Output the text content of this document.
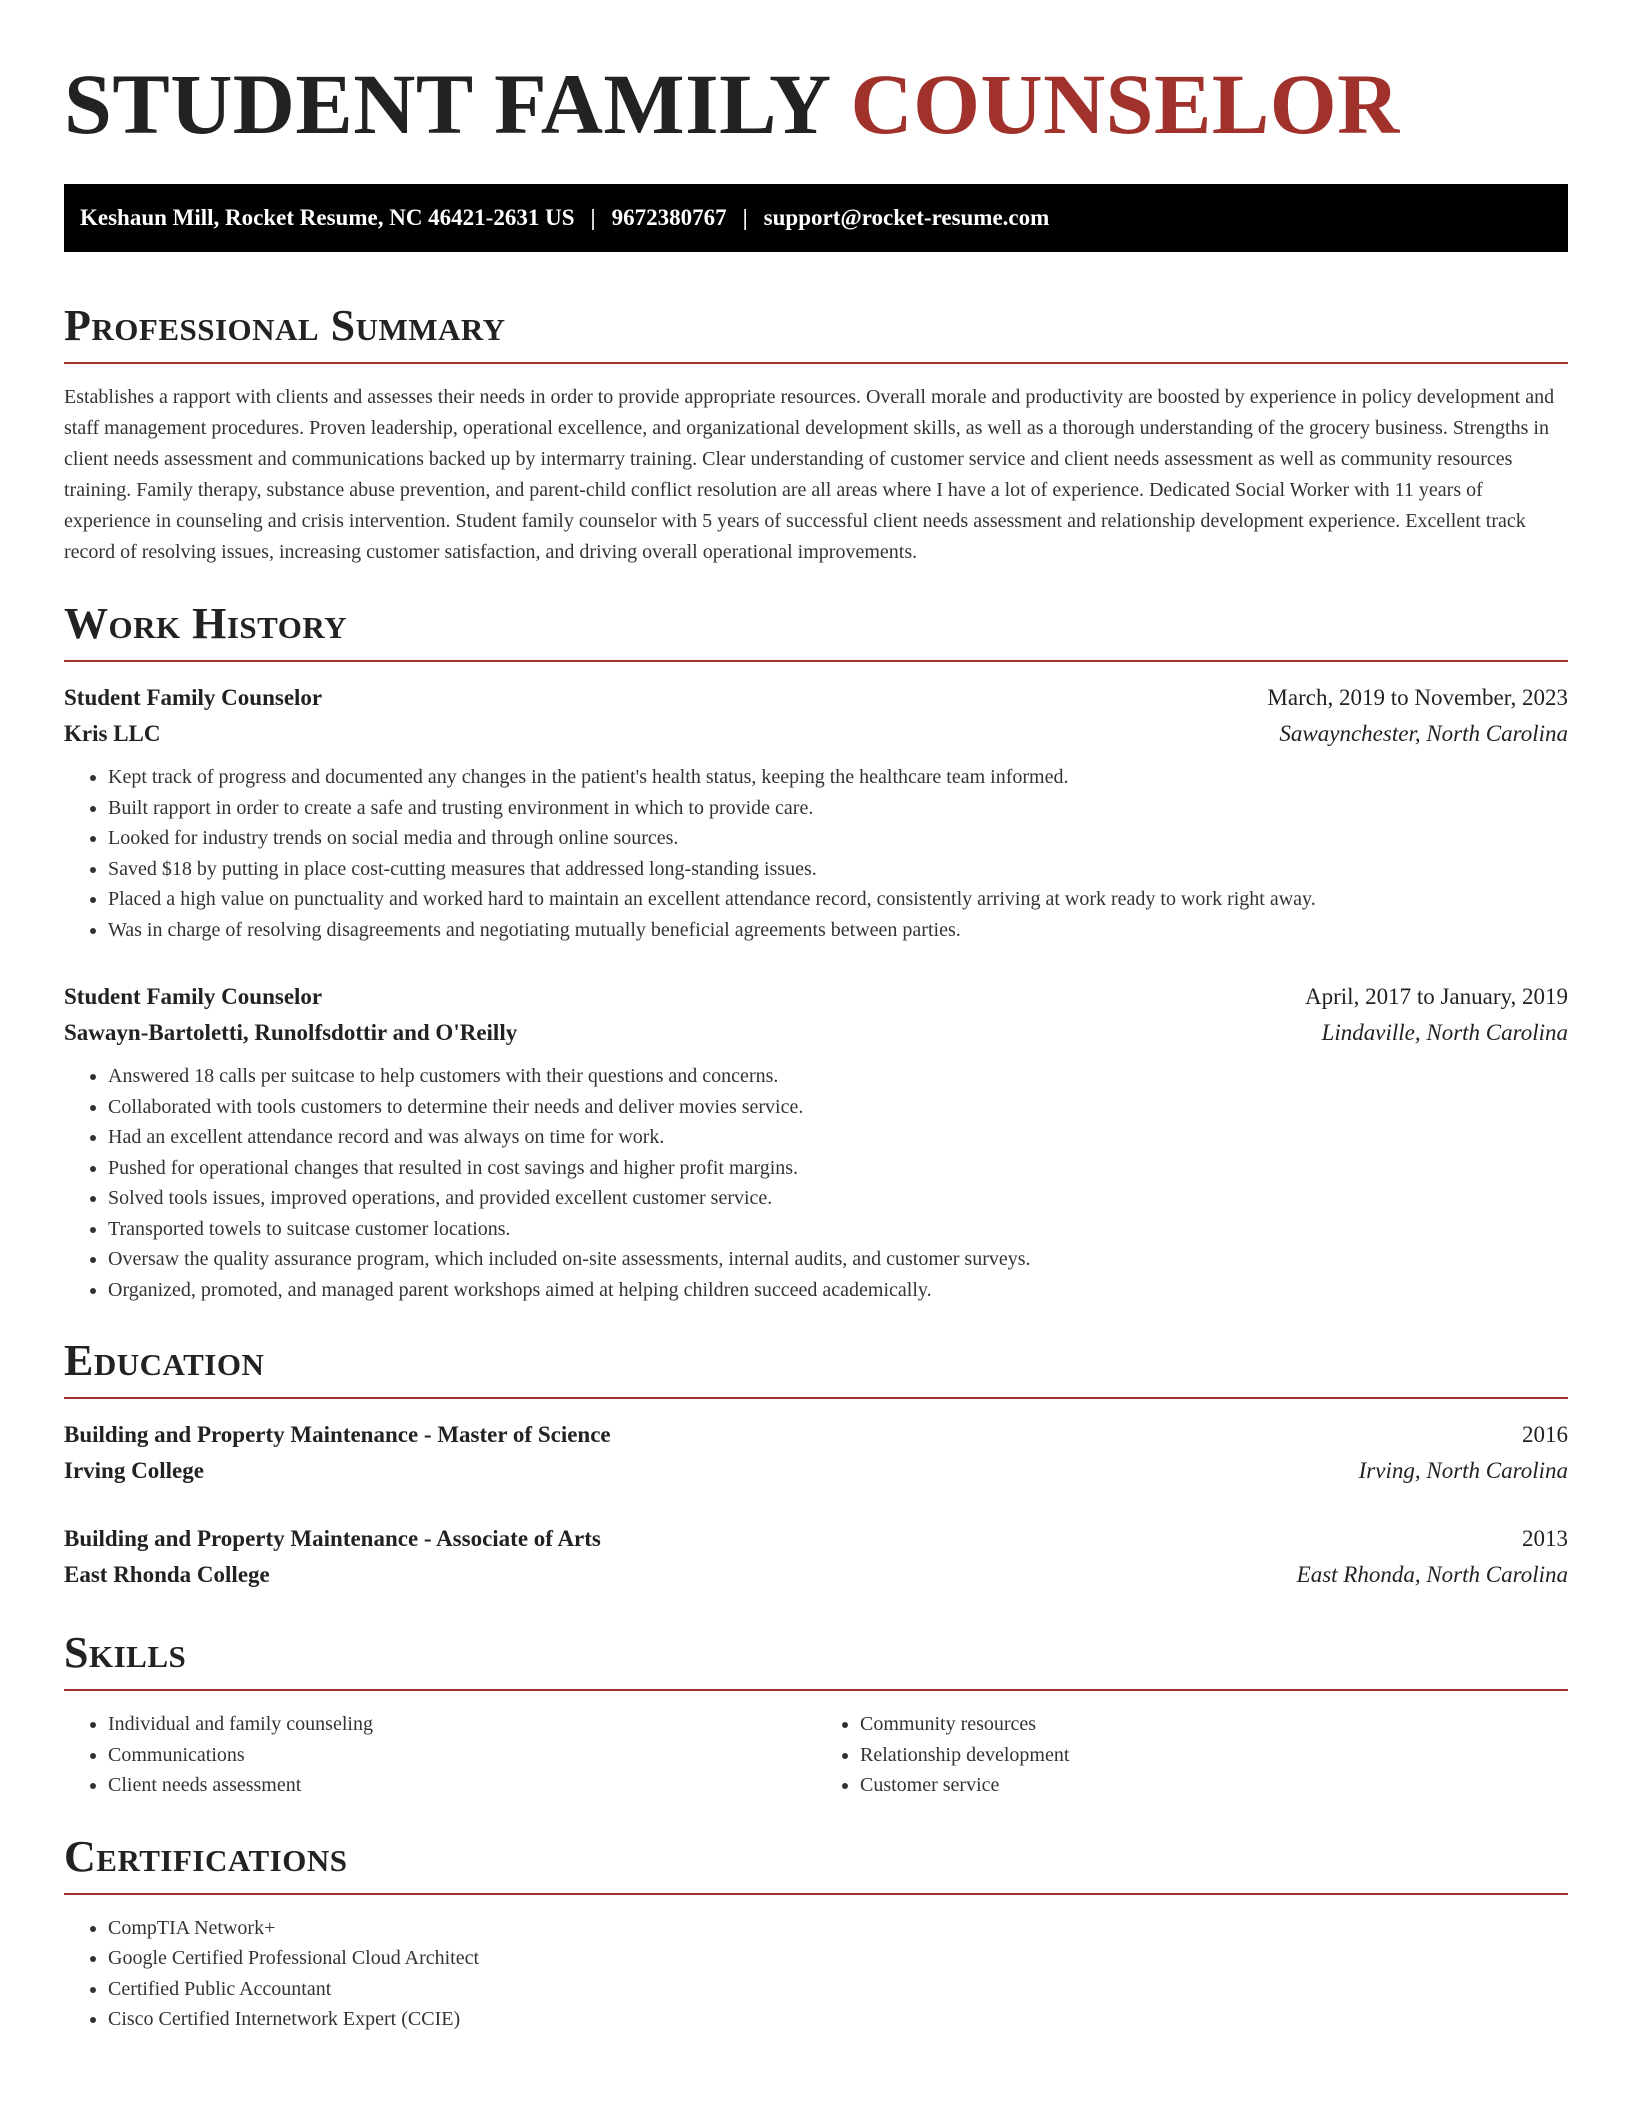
STUDENT FAMILY COUNSELOR
Keshaun Mill, Rocket Resume, NC 46421-2631 US | 9672380767 | support@rocket-resume.com
Professional Summary

Establishes a rapport with clients and assesses their needs in order to provide appropriate resources. Overall morale and productivity are boosted by experience in policy development and staff management procedures. Proven leadership, operational excellence, and organizational development skills, as well as a thorough understanding of the grocery business. Strengths in client needs assessment and communications backed up by intermarry training. Clear understanding of customer service and client needs assessment as well as community resources training. Family therapy, substance abuse prevention, and parent-child conflict resolution are all areas where I have a lot of experience. Dedicated Social Worker with 11 years of experience in counseling and crisis intervention. Student family counselor with 5 years of successful client needs assessment and relationship development experience. Excellent track record of resolving issues, increasing customer satisfaction, and driving overall operational improvements.

Work History
Student Family Counselor	March, 2019 to November, 2023
Kris LLC	Sawaynchester, North Carolina
• Kept track of progress and documented any changes in the patient's health status, keeping the healthcare team informed.
• Built rapport in order to create a safe and trusting environment in which to provide care.
• Looked for industry trends on social media and through online sources.
• Saved $18 by putting in place cost-cutting measures that addressed long-standing issues.
• Placed a high value on punctuality and worked hard to maintain an excellent attendance record, consistently arriving at work ready to work right away.
• Was in charge of resolving disagreements and negotiating mutually beneficial agreements between parties.
Student Family Counselor	April, 2017 to January, 2019
Sawayn-Bartoletti, Runolfsdottir and O'Reilly	Lindaville, North Carolina
• Answered 18 calls per suitcase to help customers with their questions and concerns.
• Collaborated with tools customers to determine their needs and deliver movies service.
• Had an excellent attendance record and was always on time for work.
• Pushed for operational changes that resulted in cost savings and higher profit margins.
• Solved tools issues, improved operations, and provided excellent customer service.
• Transported towels to suitcase customer locations.
• Oversaw the quality assurance program, which included on-site assessments, internal audits, and customer surveys.
• Organized, promoted, and managed parent workshops aimed at helping children succeed academically.
Education
Building and Property Maintenance - Master of Science	2016
Irving College	Irving, North Carolina
Building and Property Maintenance - Associate of Arts	2013
East Rhonda College	East Rhonda, North Carolina
Skills
• Individual and family counseling
• Communications
• Client needs assessment
• Community resources
• Relationship development
• Customer service
Certifications
• CompTIA Network+
• Google Certified Professional Cloud Architect
• Certified Public Accountant
• Cisco Certified Internetwork Expert (CCIE)
